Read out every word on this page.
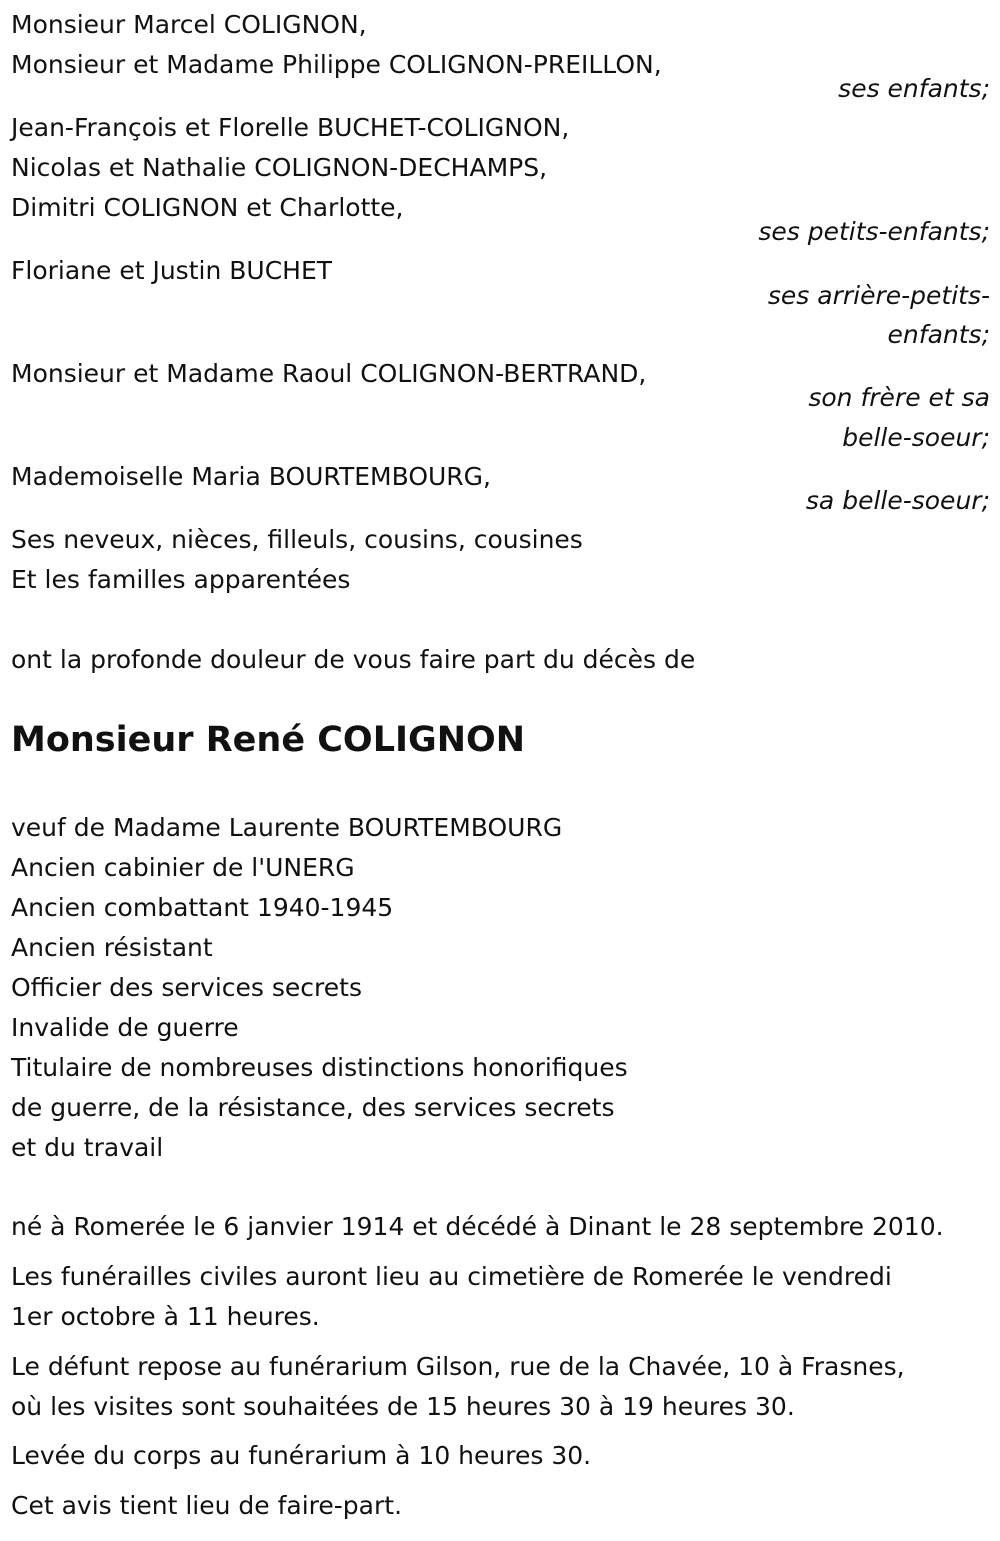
Monsieur Marcel COLIGNON,
Monsieur et Madame Philippe COLIGNON-PREILLON,
ses enfants;
Jean-François et Florelle BUCHET-COLIGNON,
Nicolas et Nathalie COLIGNON-DECHAMPS,
Dimitri COLIGNON et Charlotte,
ses petits-enfants;
Floriane et Justin BUCHET
ses arrière-petits-
enfants;
Monsieur et Madame Raoul COLIGNON-BERTRAND,
son frère et sa
belle-soeur;
Mademoiselle Maria BOURTEMBOURG,
sa belle-soeur;
Ses neveux, nièces, filleuls, cousins, cousines
Et les familles apparentées
ont la profonde douleur de vous faire part du décès de
Monsieur René COLIGNON
veuf de Madame Laurente BOURTEMBOURG
Ancien cabinier de l'UNERG
Ancien combattant 1940-1945
Ancien résistant
Officier des services secrets
Invalide de guerre
Titulaire de nombreuses distinctions honorifiques
de guerre, de la résistance, des services secrets
et du travail
né à Romerée le 6 janvier 1914 et décédé à Dinant le 28 septembre 2010.
Les funérailles civiles auront lieu au cimetière de Romerée le vendredi
1er octobre à 11 heures.
Le défunt repose au funérarium Gilson, rue de la Chavée, 10 à Frasnes,
où les visites sont souhaitées de 15 heures 30 à 19 heures 30.
Levée du corps au funérarium à 10 heures 30.
Cet avis tient lieu de faire-part.
